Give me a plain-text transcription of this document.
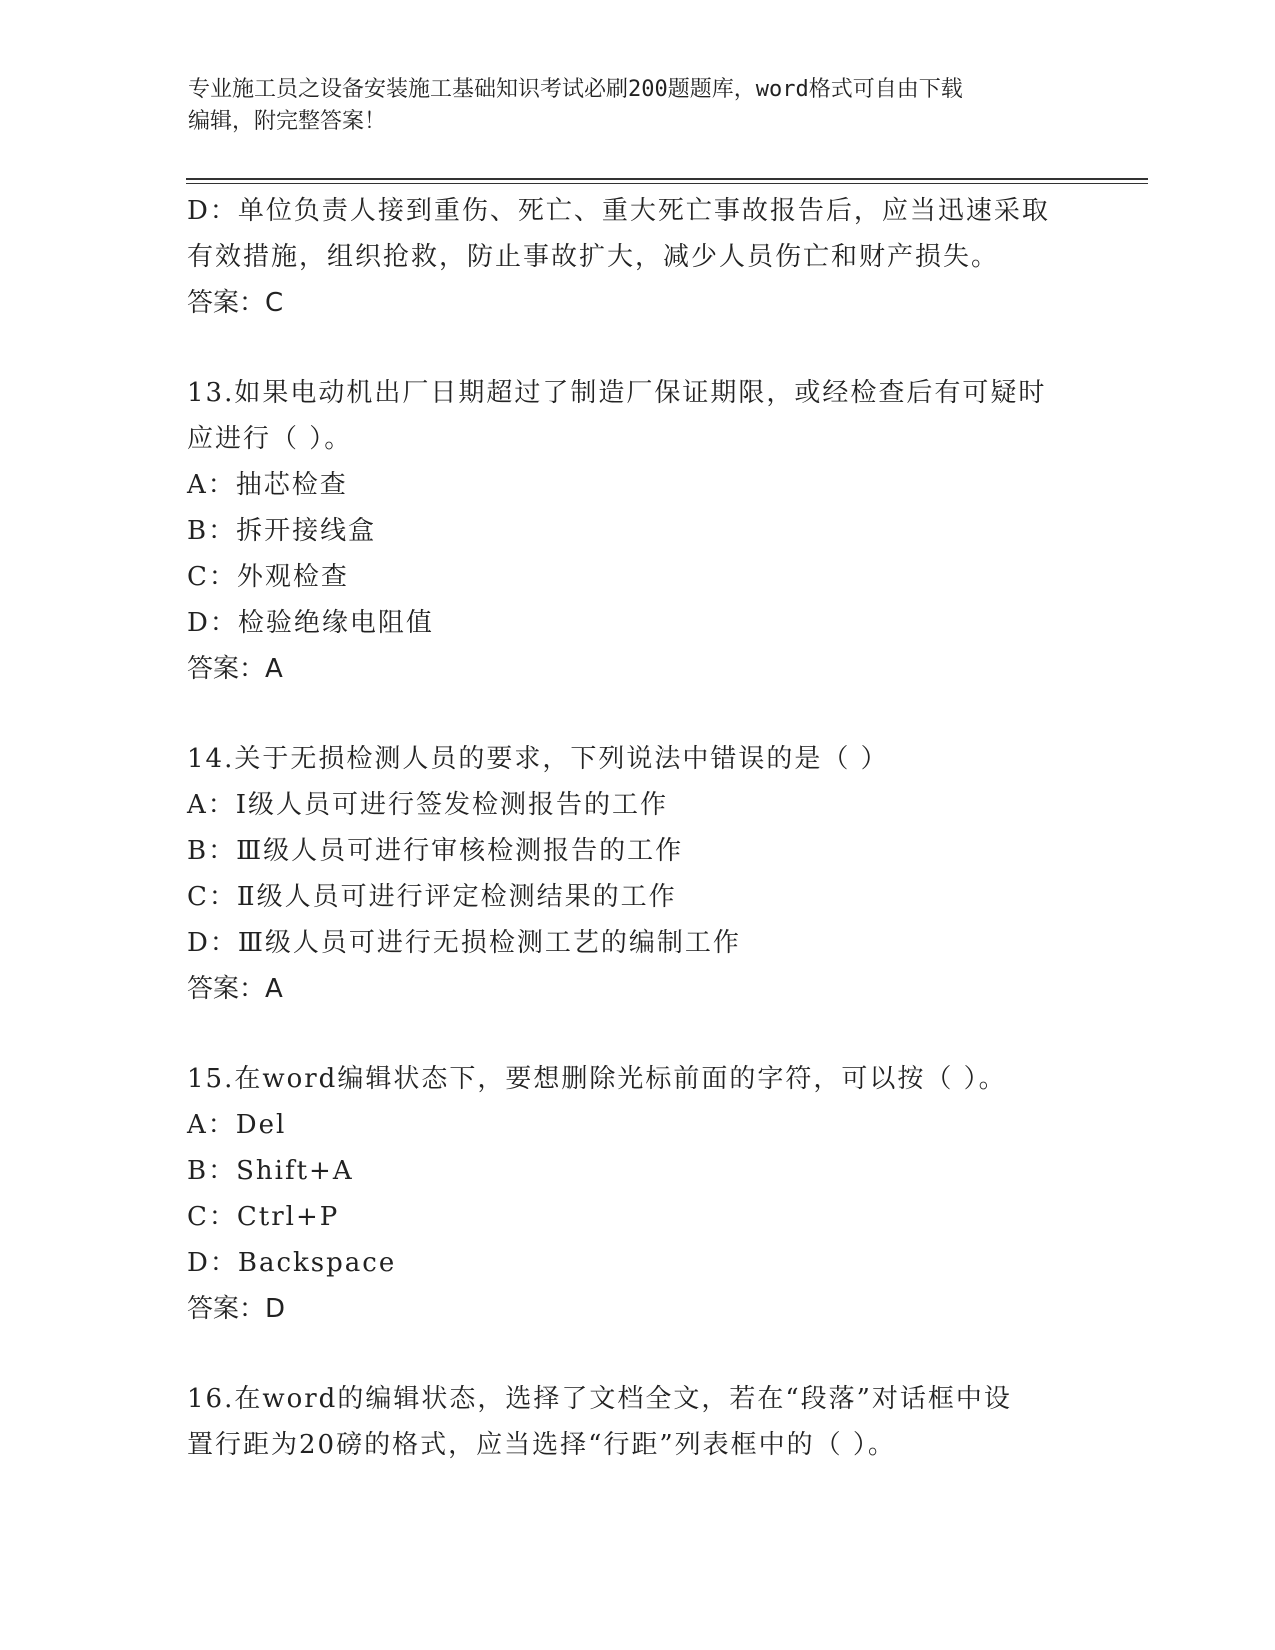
专业施工员之设备安装施工基础知识考试必刷200题题库，word格式可自由下载
编辑，附完整答案！
D：单位负责人接到重伤、死亡、重大死亡事故报告后，应当迅速采取
有效措施，组织抢救，防止事故扩大，减少人员伤亡和财产损失。
答案：C
13.如果电动机出厂日期超过了制造厂保证期限，或经检查后有可疑时
应进行（ ）。
A：抽芯检查
B：拆开接线盒
C：外观检查
D：检验绝缘电阻值
答案：A
14.关于无损检测人员的要求，下列说法中错误的是（ ）
A：Ⅰ级人员可进行签发检测报告的工作
B：Ⅲ级人员可进行审核检测报告的工作
C：Ⅱ级人员可进行评定检测结果的工作
D：Ⅲ级人员可进行无损检测工艺的编制工作
答案：A
15.在word编辑状态下，要想删除光标前面的字符，可以按（ ）。
A：Del
B：Shift+A
C：Ctrl+P
D：Backspace
答案：D
16.在word的编辑状态，选择了文档全文，若在“段落”对话框中设
置行距为20磅的格式，应当选择“行距”列表框中的（ ）。
